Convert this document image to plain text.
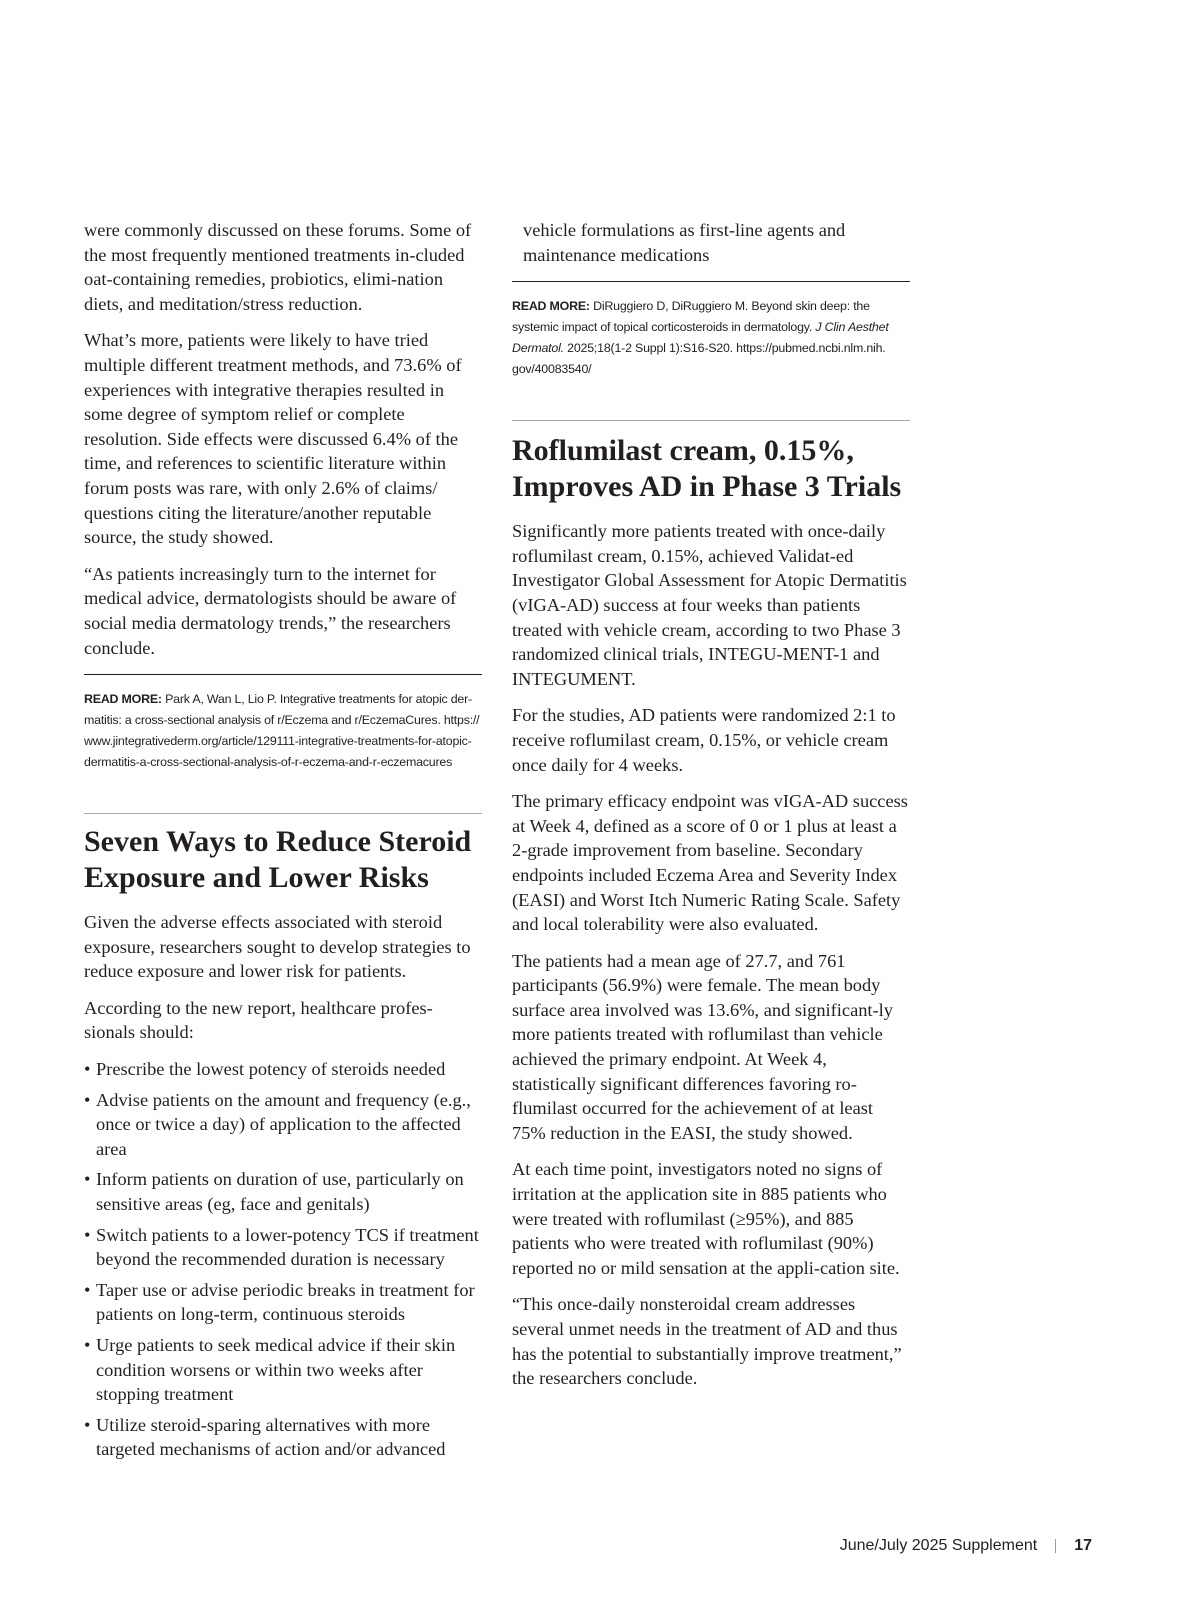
were commonly discussed on these forums. Some of the most frequently mentioned treatments in-cluded oat-containing remedies, probiotics, elimi-nation diets, and meditation/stress reduction.

What’s more, patients were likely to have tried multiple different treatment methods, and 73.6% of experiences with integrative therapies resulted in some degree of symptom relief or complete resolution. Side effects were discussed 6.4% of the time, and references to scientific literature within forum posts was rare, with only 2.6% of claims/ questions citing the literature/another reputable source, the study showed.

“As patients increasingly turn to the internet for medical advice, dermatologists should be aware of social media dermatology trends,” the researchers conclude.

READ MORE: Park A, Wan L, Lio P. Integrative treatments for atopic der-matitis: a cross-sectional analysis of r/Eczema and r/EczemaCures. https:// www.jintegrativederm.org/article/129111-integrative-treatments-for-atopic-dermatitis-a-cross-sectional-analysis-of-r-eczema-and-r-eczemacures
Seven Ways to Reduce Steroid Exposure and Lower Risks

Given the adverse effects associated with steroid exposure, researchers sought to develop strategies to reduce exposure and lower risk for patients.

According to the new report, healthcare profes-sionals should:

• Prescribe the lowest potency of steroids needed
• Advise patients on the amount and frequency (e.g., once or twice a day) of application to the affected area
• Inform patients on duration of use, particularly on sensitive areas (eg, face and genitals)
• Switch patients to a lower-potency TCS if treatment beyond the recommended duration is necessary
• Taper use or advise periodic breaks in treatment for patients on long-term, continuous steroids
• Urge patients to seek medical advice if their skin condition worsens or within two weeks after stopping treatment
• Utilize steroid-sparing alternatives with more targeted mechanisms of action and/or advanced

vehicle formulations as first-line agents and maintenance medications

READ MORE: DiRuggiero D, DiRuggiero M. Beyond skin deep: the systemic impact of topical corticosteroids in dermatology. J Clin Aesthet Dermatol. 2025;18(1-2 Suppl 1):S16-S20. https://pubmed.ncbi.nlm.nih. gov/40083540/
Roflumilast cream, 0.15%, Improves AD in Phase 3 Trials

Significantly more patients treated with once-daily roflumilast cream, 0.15%, achieved Validat-ed Investigator Global Assessment for Atopic Dermatitis (vIGA-AD) success at four weeks than patients treated with vehicle cream, according to two Phase 3 randomized clinical trials, INTEGU-MENT-1 and INTEGUMENT.

For the studies, AD patients were randomized 2:1 to receive roflumilast cream, 0.15%, or vehicle cream once daily for 4 weeks.

The primary efficacy endpoint was vIGA-AD success at Week 4, defined as a score of 0 or 1 plus at least a 2-grade improvement from baseline. Secondary endpoints included Eczema Area and Severity Index (EASI) and Worst Itch Numeric Rating Scale. Safety and local tolerability were also evaluated.

The patients had a mean age of 27.7, and 761 participants (56.9%) were female. The mean body surface area involved was 13.6%, and significant-ly more patients treated with roflumilast than vehicle achieved the primary endpoint. At Week 4, statistically significant differences favoring ro-flumilast occurred for the achievement of at least 75% reduction in the EASI, the study showed.

At each time point, investigators noted no signs of irritation at the application site in 885 patients who were treated with roflumilast (≥95%), and 885 patients who were treated with roflumilast (90%) reported no or mild sensation at the appli-cation site.

“This once-daily nonsteroidal cream addresses several unmet needs in the treatment of AD and thus has the potential to substantially improve treatment,” the researchers conclude.

June/July 2025 Supplement 17
